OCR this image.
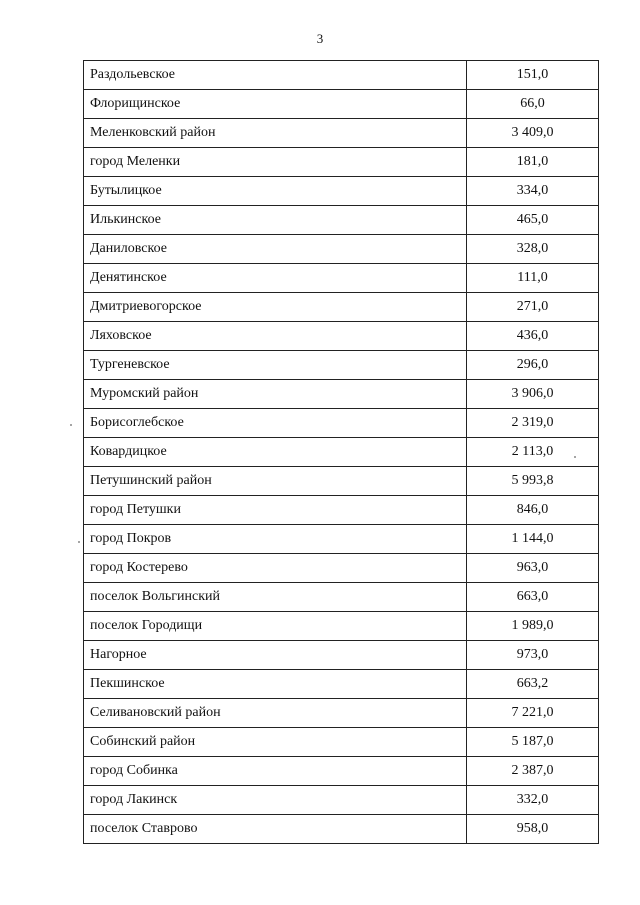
3
Раздольевское	151,0
Флорищинское	66,0
Меленковский район	3 409,0
город Меленки	181,0
Бутылицкое	334,0
Илькинское	465,0
Даниловское	328,0
Денятинское	111,0
Дмитриевогорское	271,0
Ляховское	436,0
Тургеневское	296,0
Муромский район	3 906,0
Борисоглебское	2 319,0
Ковардицкое	2 113,0
Петушинский район	5 993,8
город Петушки	846,0
город Покров	1 144,0
город Костерево	963,0
поселок Вольгинский	663,0
поселок Городищи	1 989,0
Нагорное	973,0
Пекшинское	663,2
Селивановский район	7 221,0
Собинский район	5 187,0
город Собинка	2 387,0
город Лакинск	332,0
поселок Ставрово	958,0
